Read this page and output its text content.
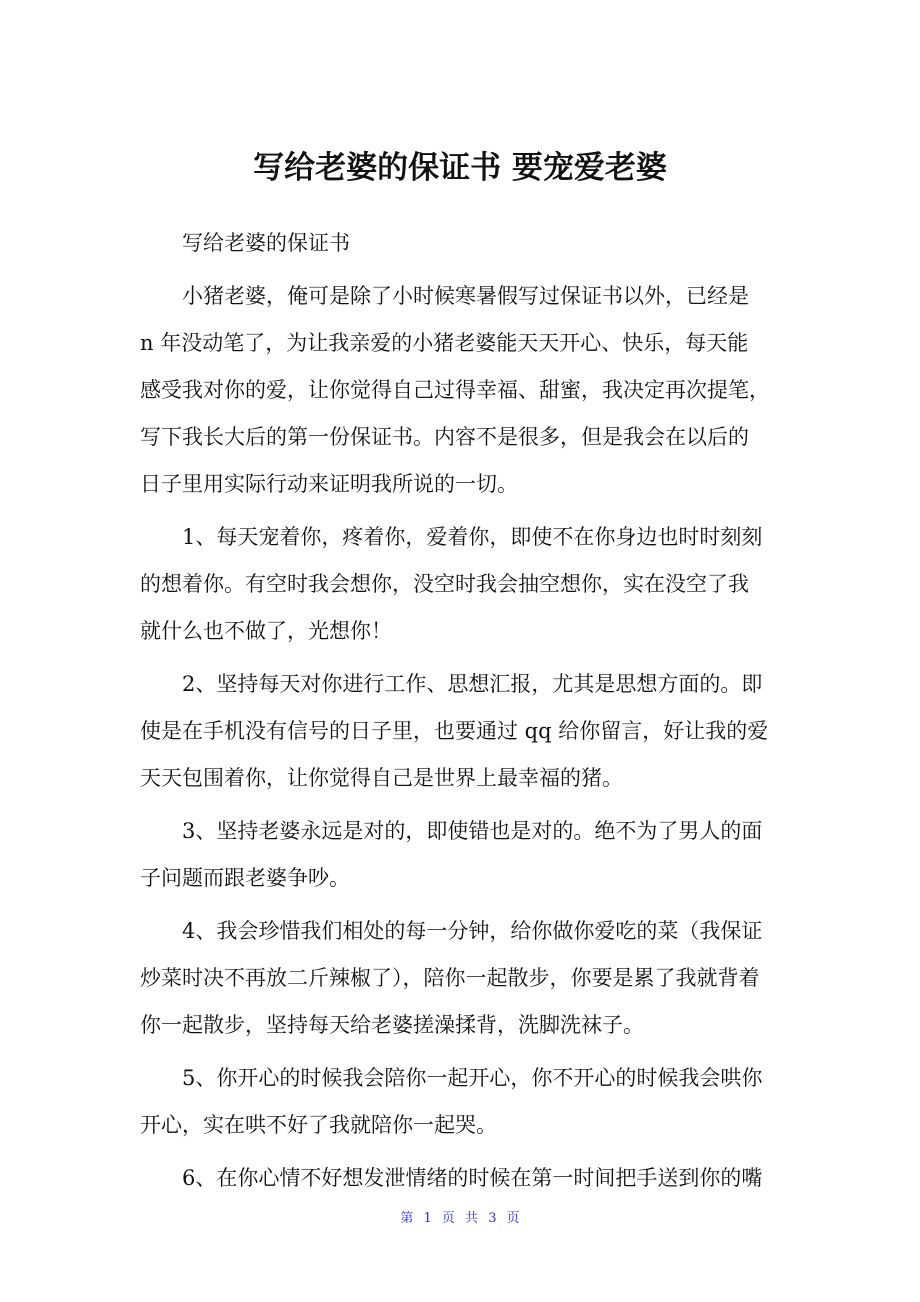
写给老婆的保证书 要宠爱老婆
写给老婆的保证书
小猪老婆，俺可是除了小时候寒暑假写过保证书以外，已经是
n 年没动笔了，为让我亲爱的小猪老婆能天天开心、快乐，每天能
感受我对你的爱，让你觉得自己过得幸福、甜蜜，我决定再次提笔，
写下我长大后的第一份保证书。内容不是很多，但是我会在以后的
日子里用实际行动来证明我所说的一切。
1、每天宠着你，疼着你，爱着你，即使不在你身边也时时刻刻
的想着你。有空时我会想你，没空时我会抽空想你，实在没空了我
就什么也不做了，光想你！
2、坚持每天对你进行工作、思想汇报，尤其是思想方面的。即
使是在手机没有信号的日子里，也要通过 qq 给你留言，好让我的爱
天天包围着你，让你觉得自己是世界上最幸福的猪。
3、坚持老婆永远是对的，即使错也是对的。绝不为了男人的面
子问题而跟老婆争吵。
4、我会珍惜我们相处的每一分钟，给你做你爱吃的菜（我保证
炒菜时决不再放二斤辣椒了），陪你一起散步，你要是累了我就背着
你一起散步，坚持每天给老婆搓澡揉背，洗脚洗袜子。
5、你开心的时候我会陪你一起开心，你不开心的时候我会哄你
开心，实在哄不好了我就陪你一起哭。
6、在你心情不好想发泄情绪的时候在第一时间把手送到你的嘴
第 1 页 共 3 页
